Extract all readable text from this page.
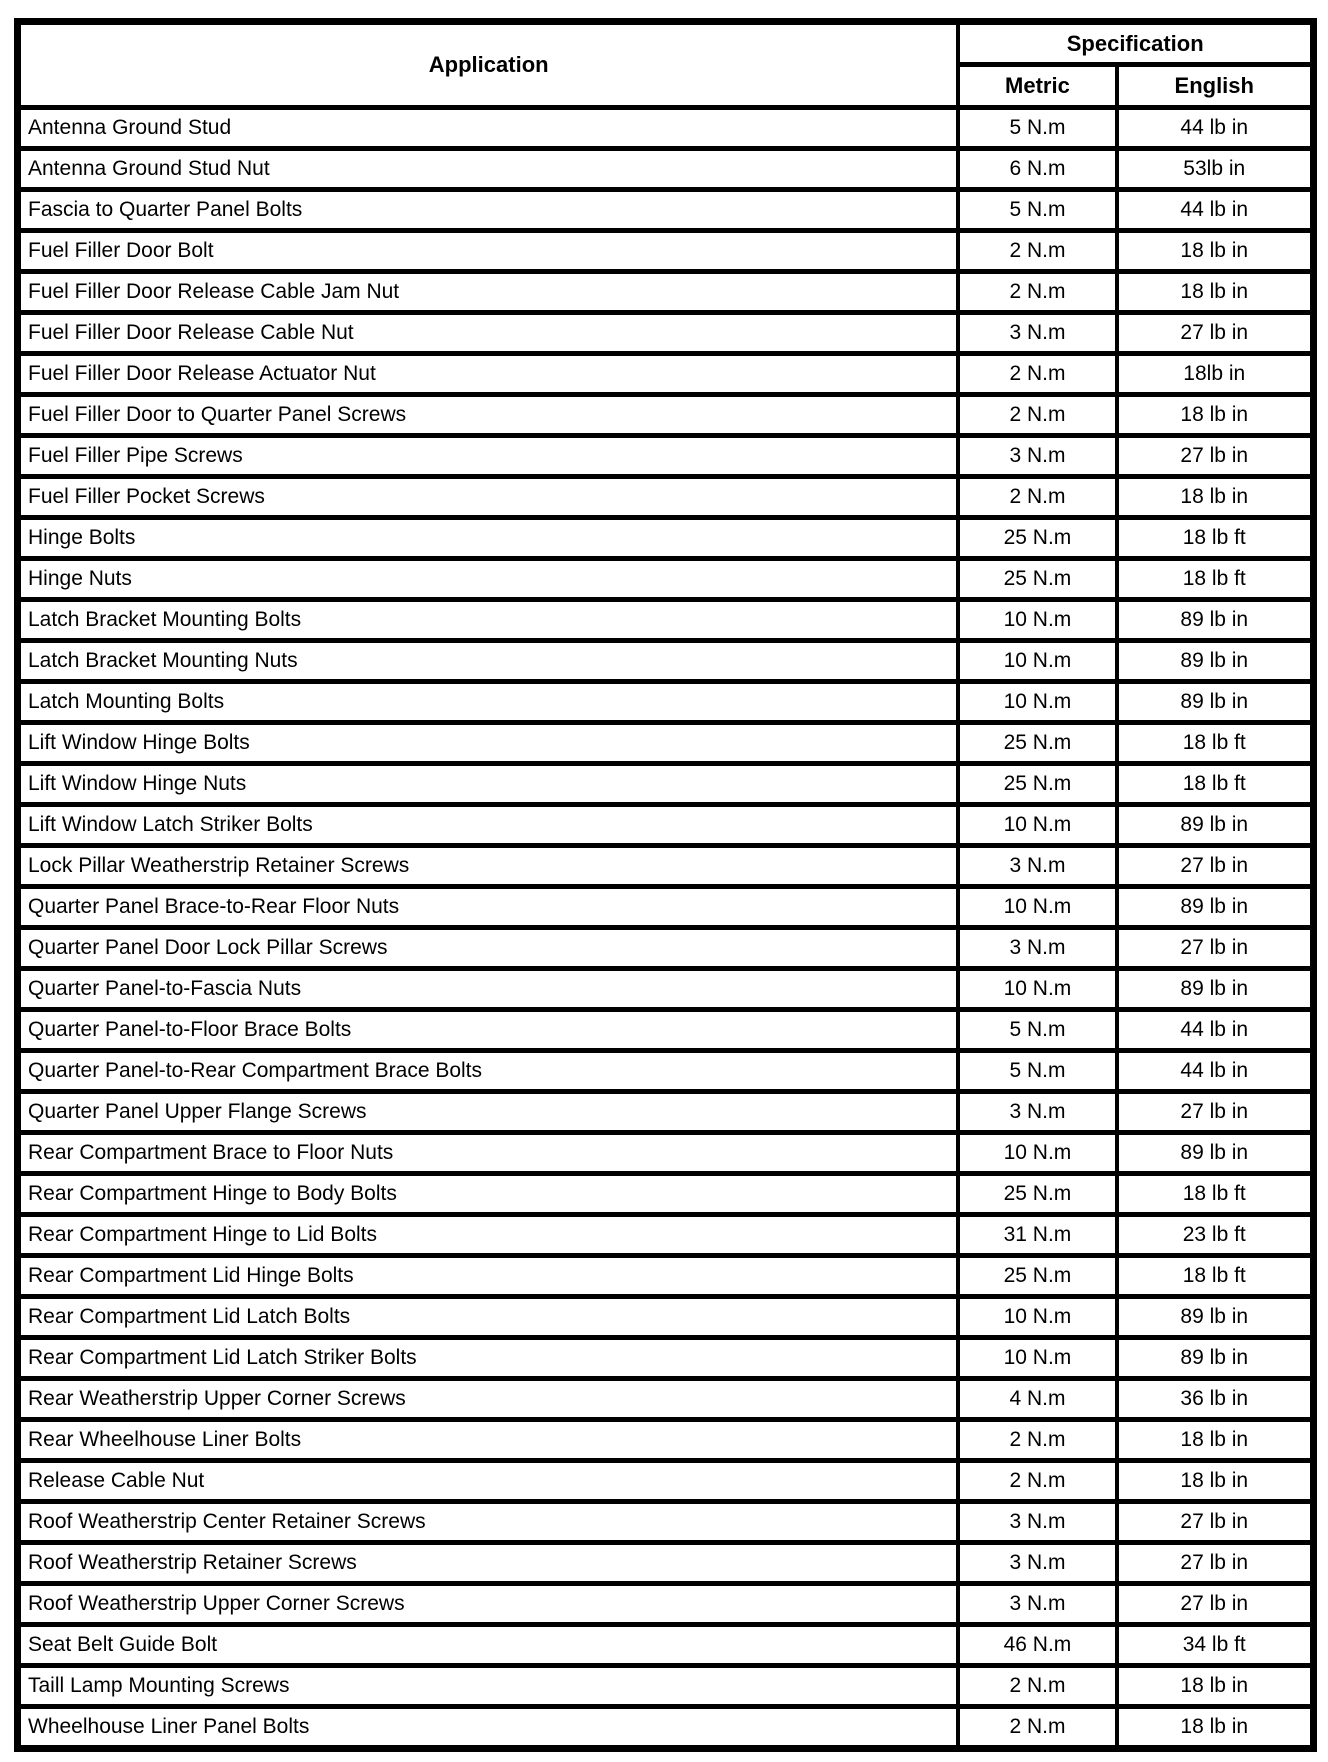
Application	Specification	
	Metric	English
Antenna Ground Stud	5 N.m	44 lb in
Antenna Ground Stud Nut	6 N.m	53lb in
Fascia to Quarter Panel Bolts	5 N.m	44 lb in
Fuel Filler Door Bolt	2 N.m	18 lb in
Fuel Filler Door Release Cable Jam Nut	2 N.m	18 lb in
Fuel Filler Door Release Cable Nut	3 N.m	27 lb in
Fuel Filler Door Release Actuator Nut	2 N.m	18lb in
Fuel Filler Door to Quarter Panel Screws	2 N.m	18 lb in
Fuel Filler Pipe Screws	3 N.m	27 lb in
Fuel Filler Pocket Screws	2 N.m	18 lb in
Hinge Bolts	25 N.m	18 lb ft
Hinge Nuts	25 N.m	18 lb ft
Latch Bracket Mounting Bolts	10 N.m	89 lb in
Latch Bracket Mounting Nuts	10 N.m	89 lb in
Latch Mounting Bolts	10 N.m	89 lb in
Lift Window Hinge Bolts	25 N.m	18 lb ft
Lift Window Hinge Nuts	25 N.m	18 lb ft
Lift Window Latch Striker Bolts	10 N.m	89 lb in
Lock Pillar Weatherstrip Retainer Screws	3 N.m	27 lb in
Quarter Panel Brace-to-Rear Floor Nuts	10 N.m	89 lb in
Quarter Panel Door Lock Pillar Screws	3 N.m	27 lb in
Quarter Panel-to-Fascia Nuts	10 N.m	89 lb in
Quarter Panel-to-Floor Brace Bolts	5 N.m	44 lb in
Quarter Panel-to-Rear Compartment Brace Bolts	5 N.m	44 lb in
Quarter Panel Upper Flange Screws	3 N.m	27 lb in
Rear Compartment Brace to Floor Nuts	10 N.m	89 lb in
Rear Compartment Hinge to Body Bolts	25 N.m	18 lb ft
Rear Compartment Hinge to Lid Bolts	31 N.m	23 lb ft
Rear Compartment Lid Hinge Bolts	25 N.m	18 lb ft
Rear Compartment Lid Latch Bolts	10 N.m	89 lb in
Rear Compartment Lid Latch Striker Bolts	10 N.m	89 lb in
Rear Weatherstrip Upper Corner Screws	4 N.m	36 lb in
Rear Wheelhouse Liner Bolts	2 N.m	18 lb in
Release Cable Nut	2 N.m	18 lb in
Roof Weatherstrip Center Retainer Screws	3 N.m	27 lb in
Roof Weatherstrip Retainer Screws	3 N.m	27 lb in
Roof Weatherstrip Upper Corner Screws	3 N.m	27 lb in
Seat Belt Guide Bolt	46 N.m	34 lb ft
Taill Lamp Mounting Screws	2 N.m	18 lb in
Wheelhouse Liner Panel Bolts	2 N.m	18 lb in
